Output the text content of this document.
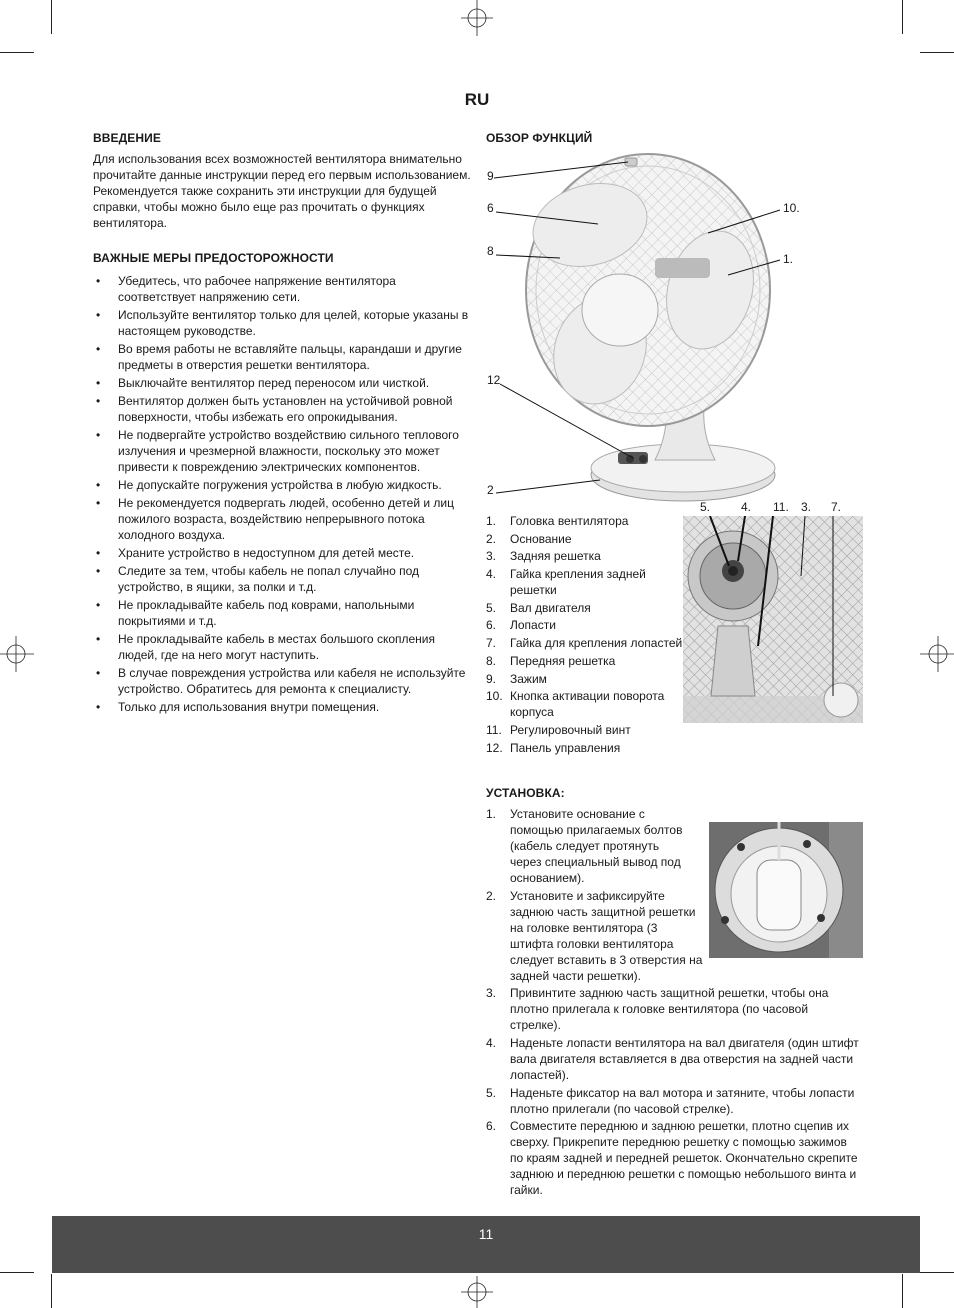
RU
ВВЕДЕНИЕ
Для использования всех возможностей вентилятора внимательно прочитайте данные инструкции перед его первым использованием.
Рекомендуется также сохранить эти инструкции для будущей справки, чтобы можно было еще раз прочитать о функциях вентилятора.
ВАЖНЫЕ МЕРЫ ПРЕДОСТОРОЖНОСТИ
• Убедитесь, что рабочее напряжение вентилятора соответствует напряжению сети.
• Используйте вентилятор только для целей, которые указаны в настоящем руководстве.
• Во время работы не вставляйте пальцы, карандаши и другие предметы в отверстия решетки вентилятора.
• Выключайте вентилятор перед переносом или чисткой.
• Вентилятор должен быть установлен на устойчивой ровной поверхности, чтобы избежать его опрокидывания.
• Не подвергайте устройство воздействию сильного теплового излучения и чрезмерной влажности, поскольку это может привести к повреждению электрических компонентов.
• Не допускайте погружения устройства в любую жидкость.
• Не рекомендуется подвергать людей, особенно детей и лиц пожилого возраста, воздействию непрерывного потока холодного воздуха.
• Храните устройство в недоступном для детей месте.
• Следите за тем, чтобы кабель не попал случайно под устройство, в ящики, за полки и т.д.
• Не прокладывайте кабель под коврами, напольными покрытиями и т.д.
• Не прокладывайте кабель в местах большого скопления людей, где на него могут наступить.
• В случае повреждения устройства или кабеля не используйте устройство. Обратитесь для ремонта к специалисту.
• Только для использования внутри помещения.
ОБЗОР ФУНКЦИЙ
9
6
8
12
2
10.
1.
5.	4. 11. 3. 7.
1. Головка вентилятора
2. Основание
3. Задняя решетка
4. Гайка крепления задней решетки
5. Вал двигателя
6. Лопасти
7. Гайка для крепления лопастей
8. Передняя решетка
9. Зажим
10. Кнопка активации поворота корпуса
11. Регулировочный винт
12. Панель управления
УСТАНОВКА:
1. Установите основание с помощью прилагаемых болтов (кабель следует протянуть через специальный вывод под основанием).
2. Установите и зафиксируйте заднюю часть защитной решетки на головке вентилятора (3 штифта головки вентилятора следует вставить в 3 отверстия на задней части решетки).
3. Привинтите заднюю часть защитной решетки, чтобы она плотно прилегала к головке вентилятора (по часовой стрелке).
4. Наденьте лопасти вентилятора на вал двигателя (один штифт вала двигателя вставляется в два отверстия на задней части лопастей).
5. Наденьте фиксатор на вал мотора и затяните, чтобы лопасти плотно прилегали (по часовой стрелке).
6. Совместите переднюю и заднюю решетки, плотно сцепив их сверху. Прикрепите переднюю решетку с помощью зажимов по краям задней и передней решеток. Окончательно скрепите заднюю и переднюю решетки с помощью небольшого винта и гайки.
11
